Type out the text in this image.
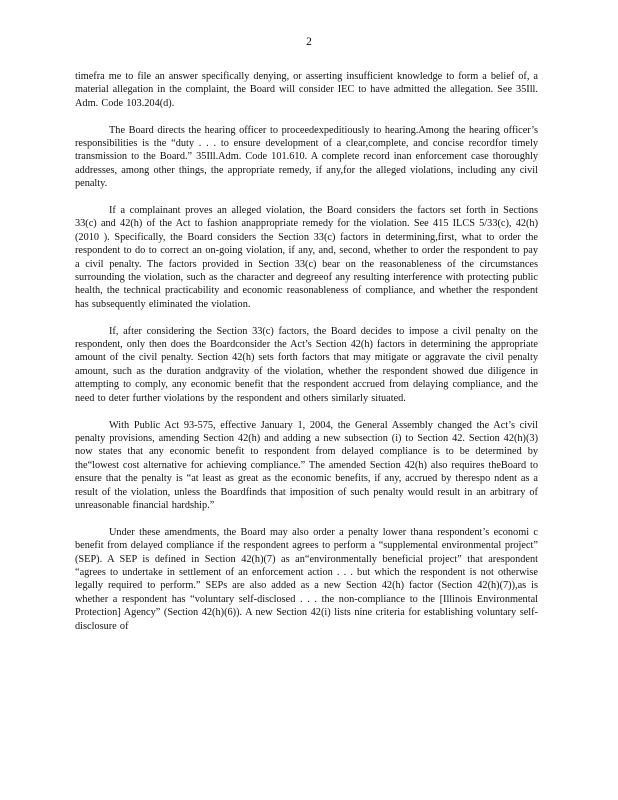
2

timefra me to file an answer specifically denying, or asserting insufficient knowledge to form a belief of, a material allegation in the complaint, the Board will consider IEC to have admitted the allegation. See 35Ill. Adm. Code 103.204(d).

The Board directs the hearing officer to proceedexpeditiously to hearing.Among the hearing officer’s responsibilities is the “duty . . . to ensure development of a clear,complete, and concise recordfor timely transmission to the Board.” 35Ill.Adm. Code 101.610. A complete record inan enforcement case thoroughly addresses, among other things, the appropriate remedy, if any,for the alleged violations, including any civil penalty.

If a complainant proves an alleged violation, the Board considers the factors set forth in Sections 33(c) and 42(h) of the Act to fashion anappropriate remedy for the violation. See 415 ILCS 5/33(c), 42(h) (2010 ). Specifically, the Board considers the Section 33(c) factors in determining,first, what to order the respondent to do to correct an on-going violation, if any, and, second, whether to order the respondent to pay a civil penalty. The factors provided in Section 33(c) bear on the reasonableness of the circumstances surrounding the violation, such as the character and degreeof any resulting interference with protecting public health, the technical practicability and economic reasonableness of compliance, and whether the respondent has subsequently eliminated the violation.

If, after considering the Section 33(c) factors, the Board decides to impose a civil penalty on the respondent, only then does the Boardconsider the Act’s Section 42(h) factors in determining the appropriate amount of the civil penalty. Section 42(h) sets forth factors that may mitigate or aggravate the civil penalty amount, such as the duration andgravity of the violation, whether the respondent showed due diligence in attempting to comply, any economic benefit that the respondent accrued from delaying compliance, and the need to deter further violations by the respondent and others similarly situated.

With Public Act 93-575, effective January 1, 2004, the General Assembly changed the Act’s civil penalty provisions, amending Section 42(h) and adding a new subsection (i) to Section 42. Section 42(h)(3) now states that any economic benefit to respondent from delayed compliance is to be determined by the“lowest cost alternative for achieving compliance.” The amended Section 42(h) also requires theBoard to ensure that the penalty is “at least as great as the economic benefits, if any, accrued by therespo ndent as a result of the violation, unless the Boardfinds that imposition of such penalty would result in an arbitrary of unreasonable financial hardship.”

Under these amendments, the Board may also order a penalty lower thana respondent’s economi c benefit from delayed compliance if the respondent agrees to perform a “supplemental environmental project” (SEP). A SEP is defined in Section 42(h)(7) as an“environmentally beneficial project” that arespondent “agrees to undertake in settlement of an enforcement action . . . but which the respondent is not otherwise legally required to perform.” SEPs are also added as a new Section 42(h) factor (Section 42(h)(7)),as is whether a respondent has “voluntary self-disclosed . . . the non-compliance to the [Illinois Environmental Protection] Agency” (Section 42(h)(6)). A new Section 42(i) lists nine criteria for establishing voluntary self-disclosure of
